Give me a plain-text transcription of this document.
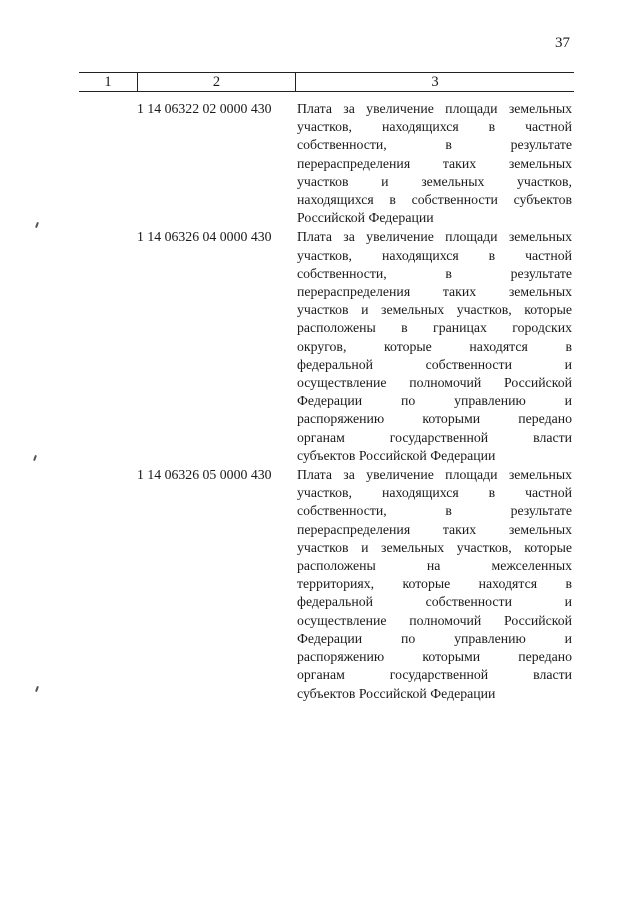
37
1	2	3
1 14 06322 02 0000 430 Плата за увеличение площади земельных
участков, находящихся в частной
собственности, в результате
перераспределения таких земельных
участков и земельных участков,
находящихся в собственности субъектов
Российской Федерации
1 14 06326 04 0000 430 Плата за увеличение площади земельных
участков, находящихся в частной
собственности, в результате
перераспределения таких земельных
участков и земельных участков, которые
расположены в границах городских
округов, которые находятся в
федеральной собственности и
осуществление полномочий Российской
Федерации по управлению и
распоряжению которыми передано
органам государственной власти
субъектов Российской Федерации
1 14 06326 05 0000 430 Плата за увеличение площади земельных
участков, находящихся в частной
собственности, в результате
перераспределения таких земельных
участков и земельных участков, которые
расположены на межселенных
территориях, которые находятся в
федеральной собственности и
осуществление полномочий Российской
Федерации по управлению и
распоряжению которыми передано
органам государственной власти
субъектов Российской Федерации
